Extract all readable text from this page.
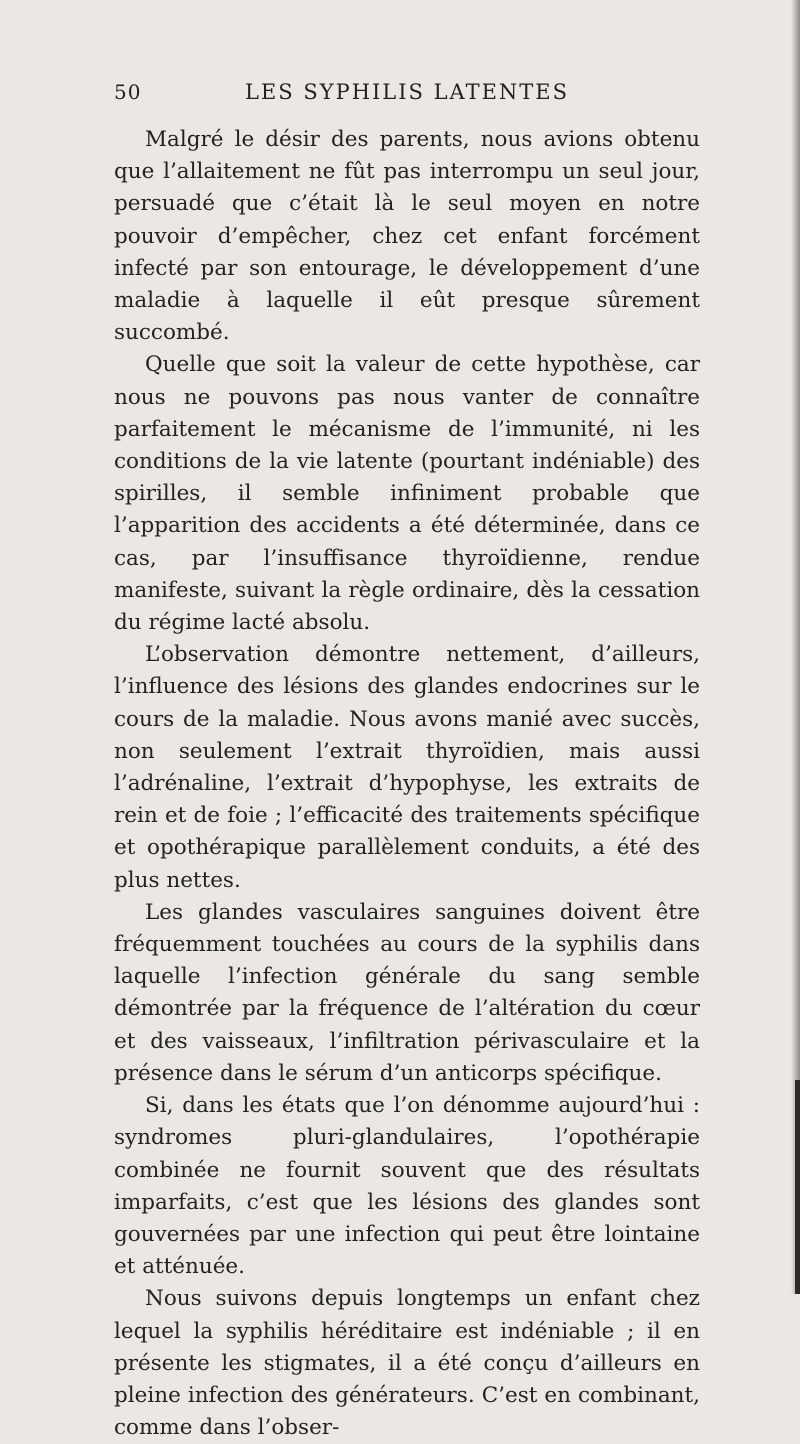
50	LES SYPHILIS LATENTES

Malgré le désir des parents, nous avions obtenu que l’allaitement ne fût pas interrompu un seul jour, persuadé que c’était là le seul moyen en notre pouvoir d’empêcher, chez cet enfant forcément infecté par son entourage, le développement d’une maladie à laquelle il eût presque sûrement succombé.

Quelle que soit la valeur de cette hypothèse, car nous ne pouvons pas nous vanter de connaître parfaitement le mécanisme de l’immunité, ni les conditions de la vie latente (pourtant indéniable) des spirilles, il semble infiniment probable que l’apparition des accidents a été déterminée, dans ce cas, par l’insuffisance thyroïdienne, rendue manifeste, suivant la règle ordinaire, dès la cessation du régime lacté absolu.

L’observation démontre nettement, d’ailleurs, l’influence des lésions des glandes endocrines sur le cours de la maladie. Nous avons manié avec succès, non seulement l’extrait thyroïdien, mais aussi l’adrénaline, l’extrait d’hypophyse, les extraits de rein et de foie ; l’efficacité des traitements spécifique et opothérapique parallèlement conduits, a été des plus nettes.

Les glandes vasculaires sanguines doivent être fréquemment touchées au cours de la syphilis dans laquelle l’infection générale du sang semble démontrée par la fréquence de l’altération du cœur et des vaisseaux, l’infiltration périvasculaire et la présence dans le sérum d’un anticorps spécifique.

Si, dans les états que l’on dénomme aujourd’hui : syndromes pluri-glandulaires, l’opothérapie combinée ne fournit souvent que des résultats imparfaits, c’est que les lésions des glandes sont gouvernées par une infection qui peut être lointaine et atténuée.

Nous suivons depuis longtemps un enfant chez lequel la syphilis héréditaire est indéniable ; il en présente les stigmates, il a été conçu d’ailleurs en pleine infection des générateurs. C’est en combinant, comme dans l’obser-
